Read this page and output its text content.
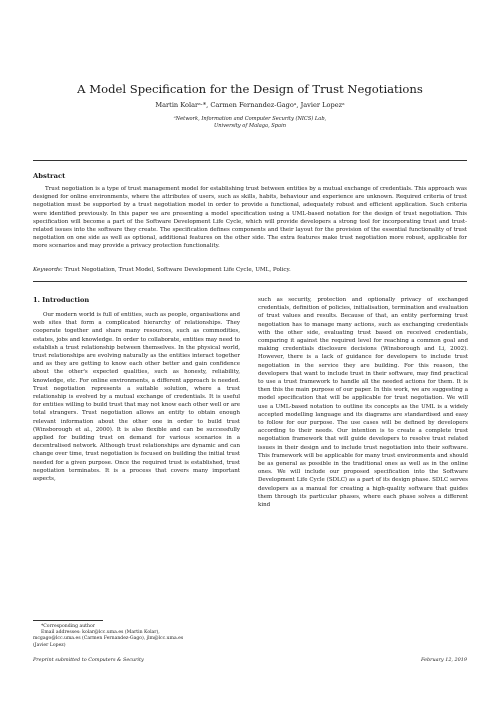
A Model Specification for the Design of Trust Negotiations
Martin Kolarᵃ·*, Carmen Fernandez-Gagoᵃ, Javier Lopezᵃ
ᵃNetwork, Information and Computer Security (NICS) Lab,
University of Malaga, Spain
Abstract
Trust negotiation is a type of trust management model for establishing trust between entities by a mutual exchange of credentials. This approach was designed for online environments, where the attributes of users, such as skills, habits, behaviour and experience are unknown. Required criteria of trust negotiation must be supported by a trust negotiation model in order to provide a functional, adequately robust and efficient application. Such criteria were identified previously. In this paper we are presenting a model specification using a UML-based notation for the design of trust negotiation. This specification will become a part of the Software Development Life Cycle, which will provide developers a strong tool for incorporating trust and trust-related issues into the software they create. The specification defines components and their layout for the provision of the essential functionality of trust negotiation on one side as well as optional, additional features on the other side. The extra features make trust negotiation more robust, applicable for more scenarios and may provide a privacy protection functionality.
Keywords: Trust Negotiation, Trust Model, Software Development Life Cycle, UML, Policy.
1. Introduction
Our modern world is full of entities, such as people, organisations and web sites that form a complicated hierarchy of relationships. They cooperate together and share many resources, such as commodities, estates, jobs and knowledge. In order to collaborate, entities may need to establish a trust relationship between themselves. In the physical world, trust relationships are evolving naturally as the entities interact together and as they are getting to know each other better and gain confidence about the other's expected qualities, such as honesty, reliability, knowledge, etc. For online environments, a different approach is needed. Trust negotiation represents a suitable solution, where a trust relationship is evolved by a mutual exchange of credentials. It is useful for entities willing to build trust that may not know each other well or are total strangers. Trust negotiation allows an entity to obtain enough relevant information about the other one in order to build trust (Winsborough et al., 2000). It is also flexible and can be successfully applied for building trust on demand for various scenarios in a decentralised network. Although trust relationships are dynamic and can change over time, trust negotiation is focused on building the initial trust needed for a given purpose. Once the required trust is established, trust negotiation terminates. It is a process that covers many important aspects,
such as security, protection and optionally privacy of exchanged credentials, definition of policies, initialisation, termination and evaluation of trust values and results. Because of that, an entity performing trust negotiation has to manage many actions, such as exchanging credentials with the other side, evaluating trust based on received credentials, comparing it against the required level for reaching a common goal and making credentials disclosure decisions (Winsborough and Li, 2002). However, there is a lack of guidance for developers to include trust negotiation in the service they are building. For this reason, the developers that want to include trust in their software, may find practical to use a trust framework to handle all the needed actions for them. It is then this the main purpose of our paper. In this work, we are suggesting a model specification that will be applicable for trust negotiation. We will use a UML-based notation to outline its concepts as the UML is a widely accepted modelling language and its diagrams are standardised and easy to follow for our purpose. The use cases will be defined by developers according to their needs. Our intention is to create a complete trust negotiation framework that will guide developers to resolve trust related issues in their design and to include trust negotiation into their software. This framework will be applicable for many trust environments and should be as general as possible in the traditional ones as well as in the online ones. We will include our proposed specification into the Software Development Life Cycle (SDLC) as a part of its design phase. SDLC serves developers as a manual for creating a high-quality software that guides them through its particular phases, where each phase solves a different kind
*Corresponding author
Email addresses: kolar@lcc.uma.es (Martin Kolar),
mcgago@lcc.uma.es (Carmen Fernandez-Gago), jlm@lcc.uma.es
(Javier Lopez)
Preprint submitted to Computers & Security	February 12, 2019
